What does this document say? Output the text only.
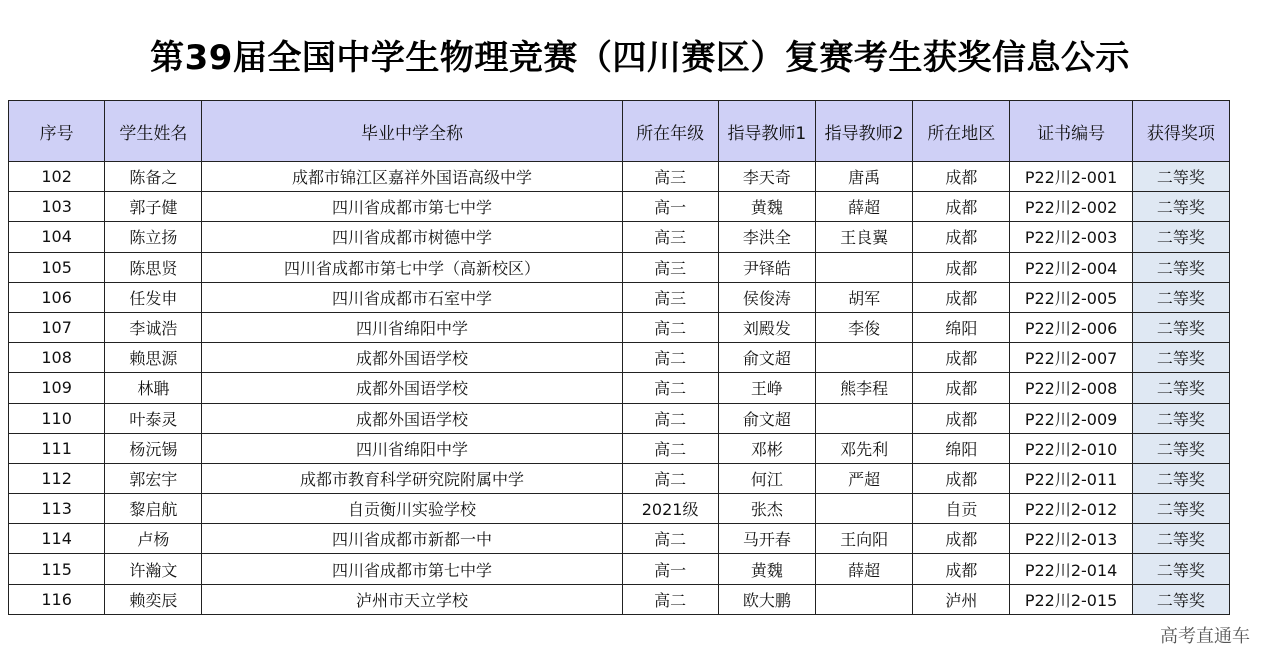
第39届全国中学生物理竞赛（四川赛区）复赛考生获奖信息公示
序号	学生姓名	毕业中学全称	所在年级	指导教师1	指导教师2	所在地区	证书编号	获得奖项
102	陈备之	成都市锦江区嘉祥外国语高级中学	高三	李天奇	唐禹	成都	P22川2-001	二等奖
103	郭子健	四川省成都市第七中学	高一	黄魏	薛超	成都	P22川2-002	二等奖
104	陈立扬	四川省成都市树德中学	高三	李洪全	王良翼	成都	P22川2-003	二等奖
105	陈思贤	四川省成都市第七中学（高新校区）	高三	尹铎皓		成都	P22川2-004	二等奖
106	任发申	四川省成都市石室中学	高三	侯俊涛	胡军	成都	P22川2-005	二等奖
107	李诚浩	四川省绵阳中学	高二	刘殿发	李俊	绵阳	P22川2-006	二等奖
108	赖思源	成都外国语学校	高二	俞文超		成都	P22川2-007	二等奖
109	林聃	成都外国语学校	高二	王峥	熊李程	成都	P22川2-008	二等奖
110	叶泰灵	成都外国语学校	高二	俞文超		成都	P22川2-009	二等奖
111	杨沅锡	四川省绵阳中学	高二	邓彬	邓先利	绵阳	P22川2-010	二等奖
112	郭宏宇	成都市教育科学研究院附属中学	高二	何江	严超	成都	P22川2-011	二等奖
113	黎启航	自贡衡川实验学校	2021级	张杰		自贡	P22川2-012	二等奖
114	卢杨	四川省成都市新都一中	高二	马开春	王向阳	成都	P22川2-013	二等奖
115	许瀚文	四川省成都市第七中学	高一	黄魏	薛超	成都	P22川2-014	二等奖
116	赖奕辰	泸州市天立学校	高二	欧大鹏		泸州	P22川2-015	二等奖
高考直通车
